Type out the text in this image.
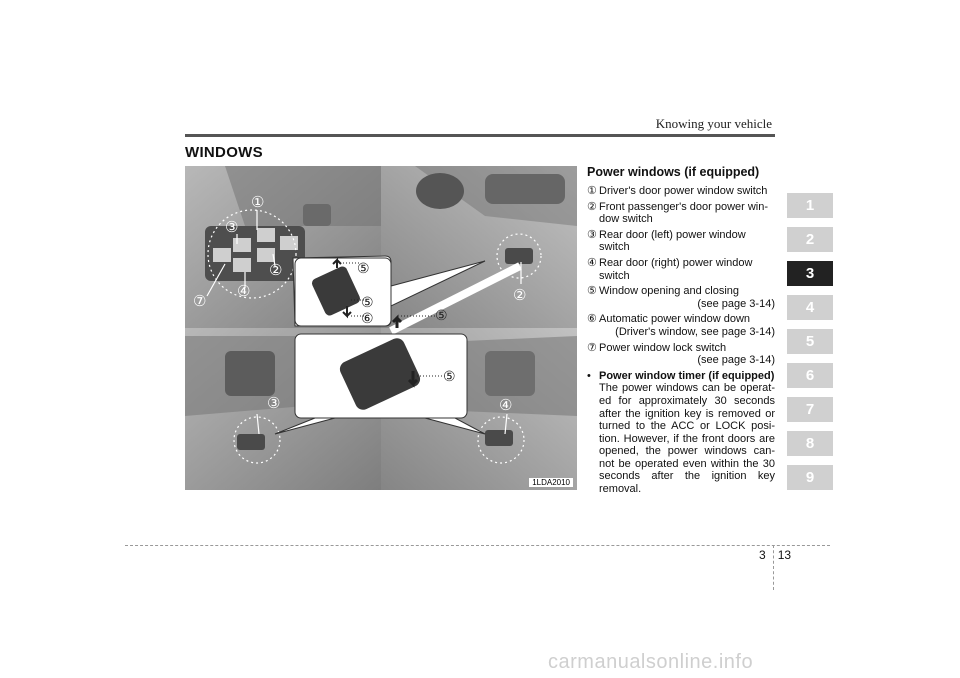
Knowing your vehicle
WINDOWS
①
③
②
④
⑦
⑤
⑤
⑥	⑤
⑤
②
③	④
1LDA2010
Power windows (if equipped)
① Driver's door power window switch
② Front passenger's door power win-dow switch
③ Rear door (left) power window switch
④ Rear door (right) power window switch
⑤ Window opening and closing
(see page 3-14)
⑥ Automatic power window down
(Driver's window, see page 3-14)
⑦ Power window lock switch
(see page 3-14)
• Power window timer (if equipped)

The power windows can be operat-ed for approximately 30 seconds after the ignition key is removed or turned to the ACC or LOCK posi-tion. However, if the front doors are opened, the power windows can-not be operated even within the 30 seconds after the ignition key removal.

1
2
3
4
5
6
7
8
9
3 13
carmanualsonline.info
